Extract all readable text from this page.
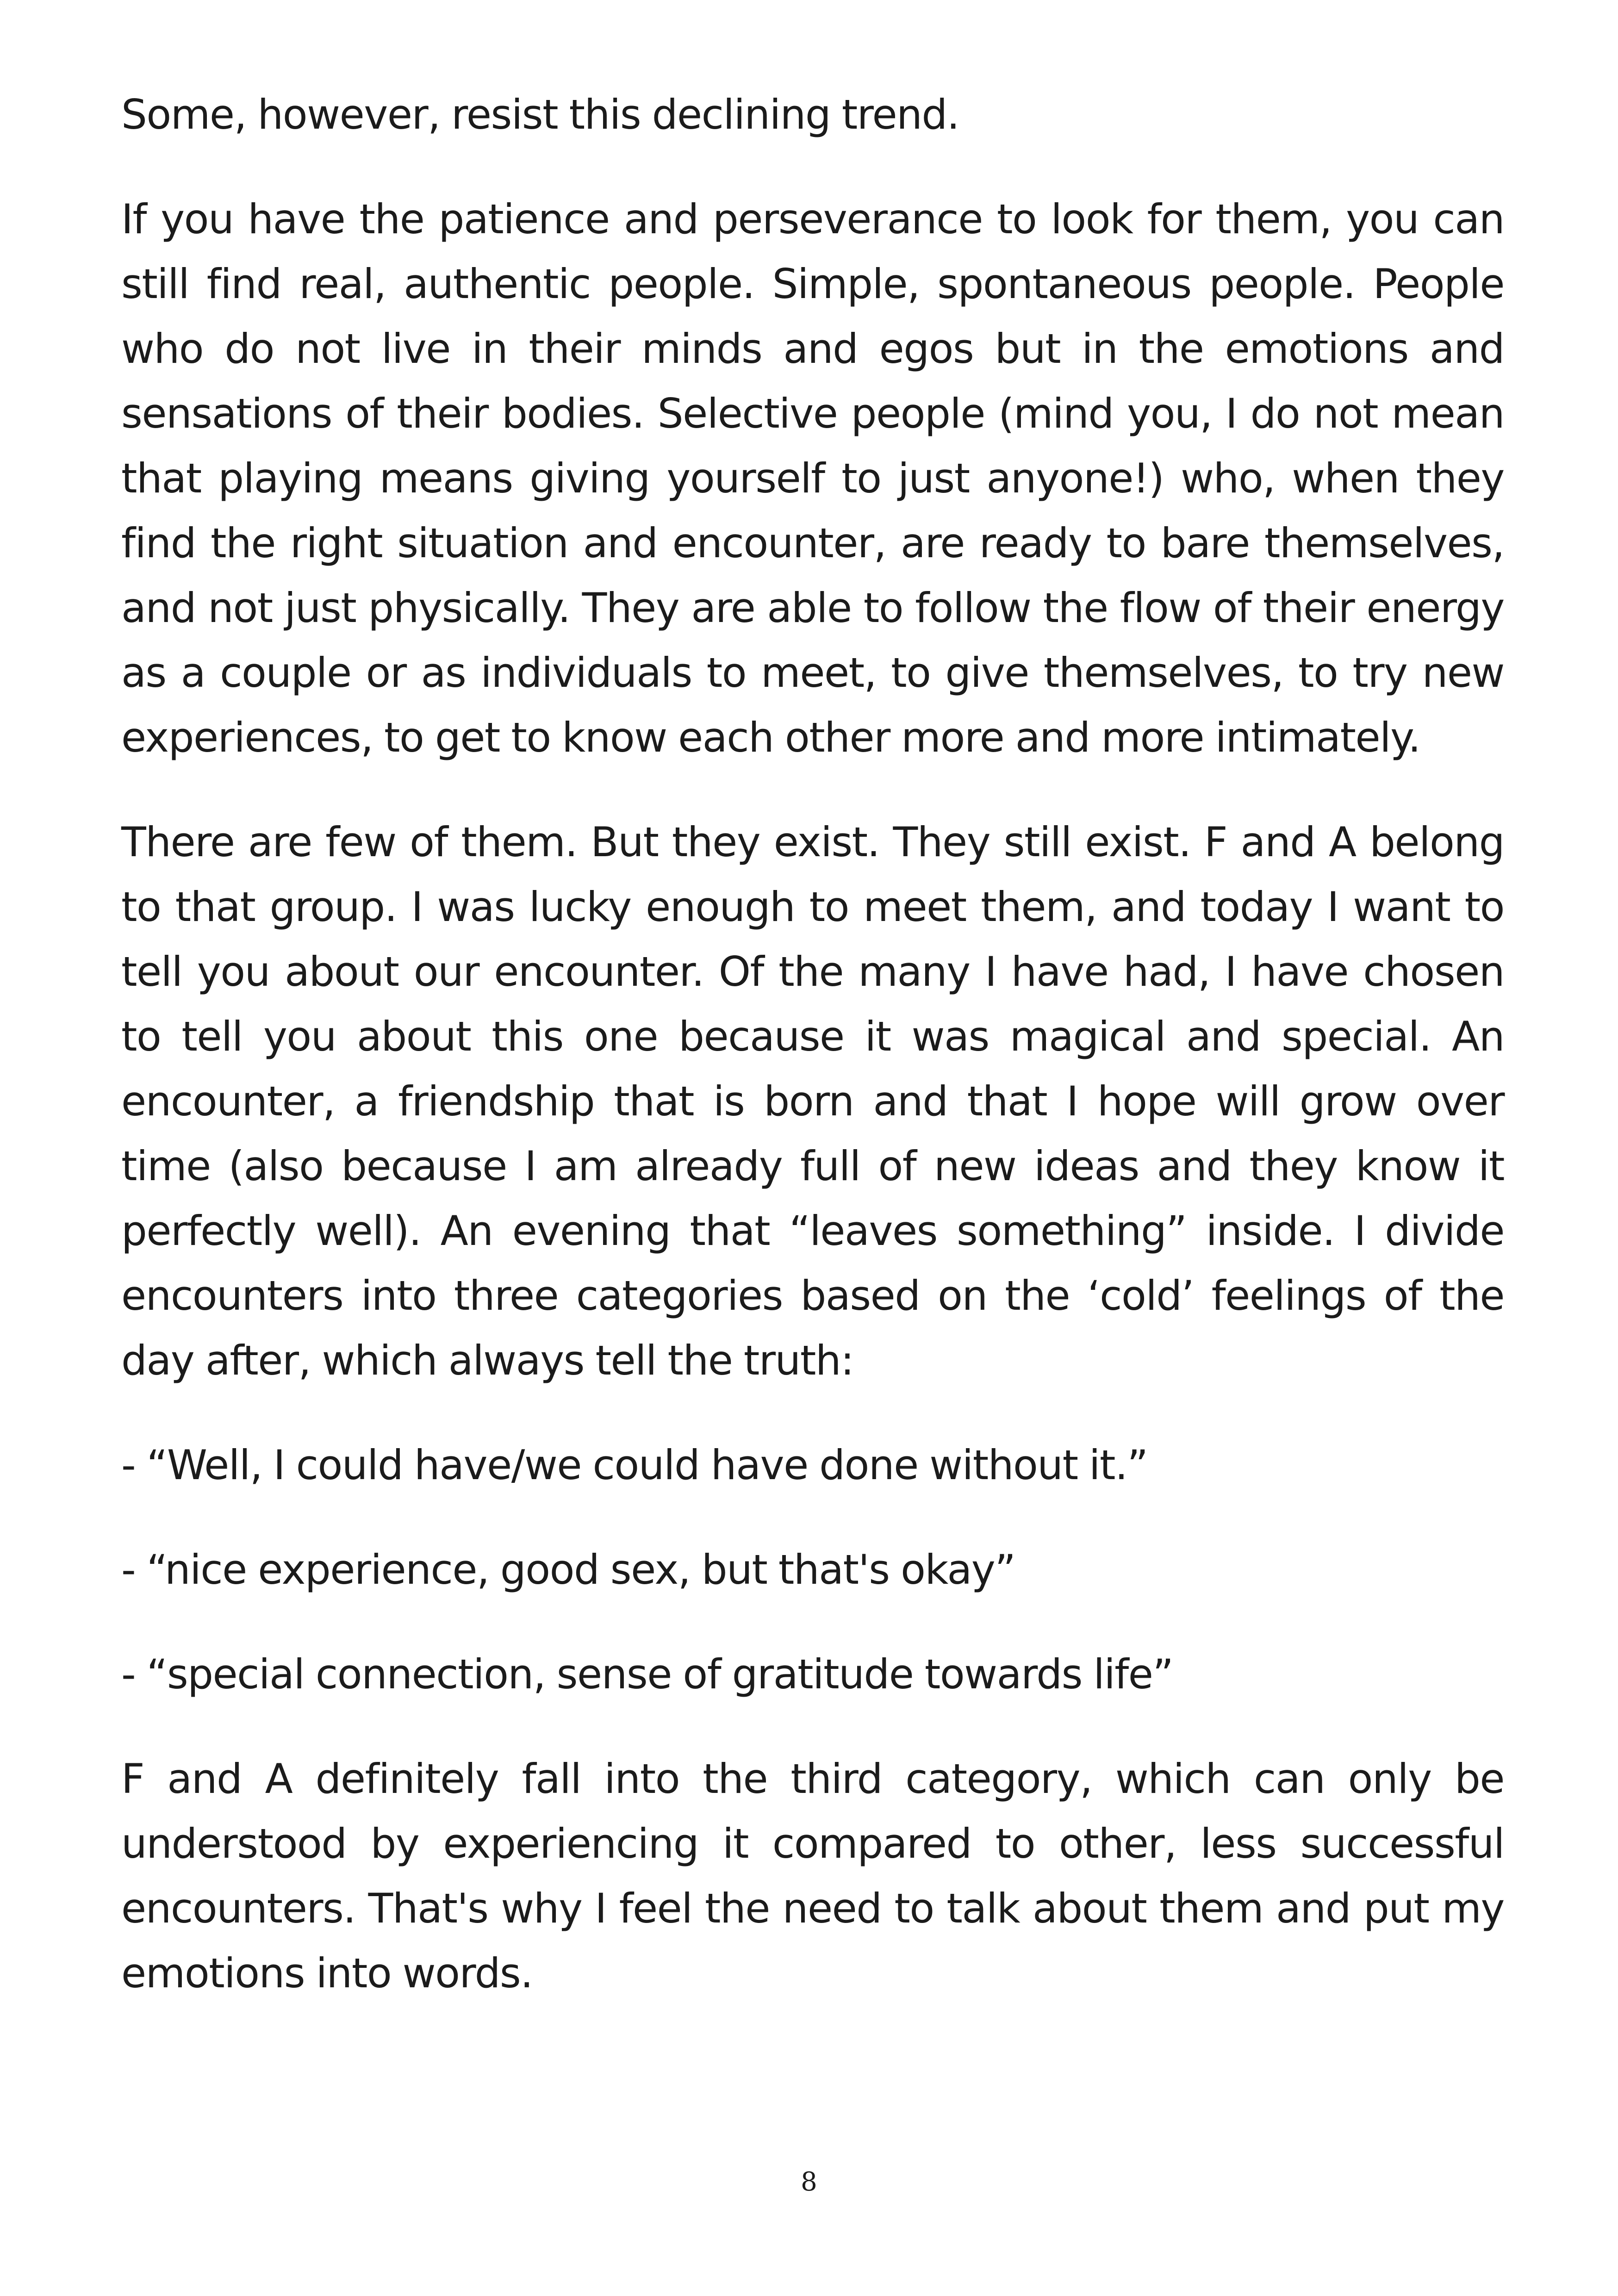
Some, however, resist this declining trend.

If you have the patience and perseverance to look for them, you can still find real, authentic people. Simple, spontaneous people. People who do not live in their minds and egos but in the emotions and sensations of their bodies. Selective people (mind you, I do not mean that playing means giving yourself to just anyone!) who, when they find the right situation and encounter, are ready to bare themselves, and not just physically. They are able to follow the flow of their energy as a couple or as individuals to meet, to give themselves, to try new experiences, to get to know each other more and more intimately.

There are few of them. But they exist. They still exist. F and A belong to that group. I was lucky enough to meet them, and today I want to tell you about our encounter. Of the many I have had, I have chosen to tell you about this one because it was magical and special. An encounter, a friendship that is born and that I hope will grow over time (also because I am already full of new ideas and they know it perfectly well). An evening that “leaves something” inside. I divide encounters into three categories based on the ‘cold’ feelings of the day after, which always tell the truth:

- “Well, I could have/we could have done without it.”

- “nice experience, good sex, but that's okay”

- “special connection, sense of gratitude towards life”

F and A definitely fall into the third category, which can only be understood by experiencing it compared to other, less successful encounters. That's why I feel the need to talk about them and put my emotions into words.

8
